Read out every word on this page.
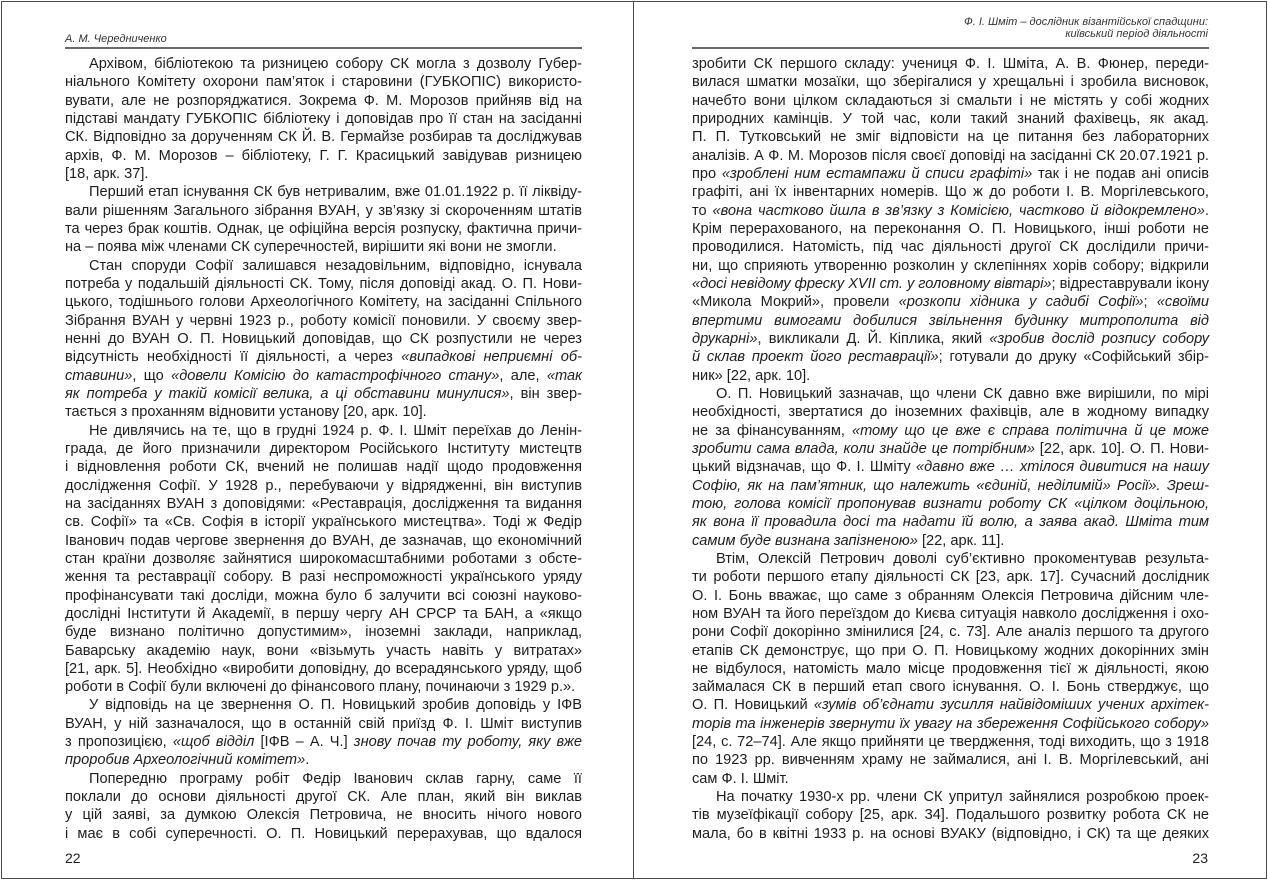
А. М. Чередниченко
Архівом, бібліотекою та ризницею собору СК могла з дозволу Губер-
ніального Комітету охорони пам’яток і старовини (ГУБКОПІС) використо-
вувати, але не розпоряджатися. Зокрема Ф. М. Морозов прийняв від на
підставі мандату ГУБКОПІС бібліотеку і доповідав про її стан на засіданні
СК. Відповідно за дорученням СК Й. В. Гермайзе розбирав та досліджував
архів, Ф. М. Морозов – бібліотеку, Г. Г. Красицький завідував ризницею
[18, арк. 37].
Перший етап існування СК був нетривалим, вже 01.01.1922 р. її ліквіду-
вали рішенням Загального зібрання ВУАН, у зв’язку зі скороченням штатів
та через брак коштів. Однак, це офіційна версія розпуску, фактична причи-
на – поява між членами СК суперечностей, вирішити які вони не змогли.
Стан споруди Софії залишався незадовільним, відповідно, існувала
потреба у подальшій діяльності СК. Тому, після доповіді акад. О. П. Нови-
цького, тодішнього голови Археологічного Комітету, на засіданні Спільного
Зібрання ВУАН у червні 1923 р., роботу комісії поновили. У своєму звер-
ненні до ВУАН О. П. Новицький доповідав, що СК розпустили не через
відсутність необхідності її діяльності, а через «випадкові неприємні об-
ставини», що «довели Комісію до катастрофічного стану», але, «так
як потреба у такій комісії велика, а ці обставини минулися», він звер-
тається з проханням відновити установу [20, арк. 10].
Не дивлячись на те, що в грудні 1924 р. Ф. І. Шміт переїхав до Ленін-
града, де його призначили директором Російського Інституту мистецтв
і відновлення роботи СК, вчений не полишав надії щодо продовження
дослідження Софії. У 1928 р., перебуваючи у відрядженні, він виступив
на засіданнях ВУАН з доповідями: «Реставрація, дослідження та видання
св. Софії» та «Св. Софія в історії українського мистецтва». Тоді ж Федір
Іванович подав чергове звернення до ВУАН, де зазначав, що економічний
стан країни дозволяє зайнятися широкомасштабними роботами з обсте-
ження та реставрації собору. В разі неспроможності українського уряду
профінансувати такі досліди, можна було б залучити всі союзні науково-
дослідні Інститути й Академії, в першу чергу АН СРСР та БАН, а «якщо
буде визнано політично допустимим», іноземні заклади, наприклад,
Баварську академію наук, вони «візьмуть участь навіть у витратах»
[21, арк. 5]. Необхідно «виробити доповідну, до всерадянського уряду, щоб
роботи в Софії були включені до фінансового плану, починаючи з 1929 р.».
У відповідь на це звернення О. П. Новицький зробив доповідь у ІФВ
ВУАН, у ній зазначалося, що в останній свій приїзд Ф. І. Шміт виступив
з пропозицією, «щоб відділ [ІФВ – А. Ч.] знову почав ту роботу, яку вже
проробив Археологічний комітет».
Попередню програму робіт Федір Іванович склав гарну, саме її
поклали до основи діяльності другої СК. Але план, який він виклав
у цій заяві, за думкою Олексія Петровича, не вносить нічого нового
і має в собі суперечності. О. П. Новицький перерахував, що вдалося
22
Ф. І. Шміт – дослідник візантійської спадщини:
київський період діяльності
зробити СК першого складу: учениця Ф. І. Шміта, А. В. Фюнер, переди-
вилася шматки мозаїки, що зберігалися у хрещальні і зробила висновок,
начебто вони цілком складаються зі смальти і не містять у собі жодних
природних камінців. У той час, коли такий знаний фахівець, як акад.
П. П. Тутковський не зміг відповісти на це питання без лабораторних
аналізів. А Ф. М. Морозов після своєї доповіді на засіданні СК 20.07.1921 р.
про «зроблені ним естампажи й списи графіті» так і не подав ані описів
графіті, ані їх інвентарних номерів. Що ж до роботи І. В. Моргілевського,
то «вона частково йшла в зв’язку з Комісією, частково й відокремлено».
Крім перерахованого, на переконання О. П. Новицького, інші роботи не
проводилися. Натомість, під час діяльності другої СК дослідили причи-
ни, що сприяють утворенню розколин у склепіннях хорів собору; відкрили
«досі невідому фреску XVII ст. у головному вівтарі»; відреставрували ікону
«Микола Мокрий», провели «розкопи хідника у садибі Софії»; «своїми
впертими вимогами добилися звільнення будинку митрополита від
друкарні», викликали Д. Й. Кіплика, який «зробив дослід розпису собору
й склав проект його реставрації»; готували до друку «Софійський збір-
ник» [22, арк. 10].
О. П. Новицький зазначав, що члени СК давно вже вирішили, по мірі
необхідності, звертатися до іноземних фахівців, але в жодному випадку
не за фінансуванням, «тому що це вже є справа політична й це може
зробити сама влада, коли знайде це потрібним» [22, арк. 10]. О. П. Нови-
цький відзначав, що Ф. І. Шміту «давно вже … хтілося дивитися на нашу
Софію, як на пам’ятник, що належить «єдиній, неділимій» Росії». Зреш-
тою, голова комісії пропонував визнати роботу СК «цілком доцільною,
як вона її провадила досі та надати їй волю, а заява акад. Шміта тим
самим буде визнана запізненою» [22, арк. 11].
Втім, Олексій Петрович доволі суб’єктивно прокоментував результа-
ти роботи першого етапу діяльності СК [23, арк. 17]. Сучасний дослідник
О. І. Бонь вважає, що саме з обранням Олексія Петровича дійсним чле-
ном ВУАН та його переїздом до Києва ситуація навколо дослідження і охо-
рони Софії докорінно змінилися [24, с. 73]. Але аналіз першого та другого
етапів СК демонструє, що при О. П. Новицькому жодних докорінних змін
не відбулося, натомість мало місце продовження тієї ж діяльності, якою
займалася СК в перший етап свого існування. О. І. Бонь стверджує, що
О. П. Новицький «зумів об’єднати зусилля найвідоміших учених архітек-
торів та інженерів звернути їх увагу на збереження Софійського собору»
[24, с. 72–74]. Але якщо прийняти це твердження, тоді виходить, що з 1918
по 1923 рр. вивченням храму не займалися, ані І. В. Моргілевський, ані
сам Ф. І. Шміт.
На початку 1930-х рр. члени СК упритул зайнялися розробкою проек-
тів музеїфікації собору [25, арк. 34]. Подальшого розвитку робота СК не
мала, бо в квітні 1933 р. на основі ВУАКУ (відповідно, і СК) та ще деяких
23
